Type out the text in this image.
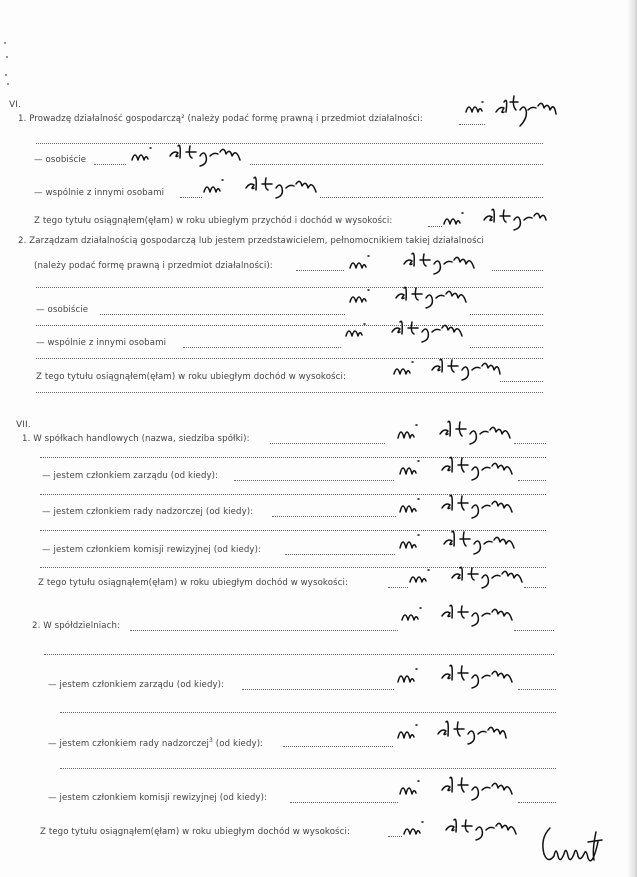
VI.
1. Prowadzę działalność gospodarczą² (należy podać formę prawną i przedmiot działalności:
— osobiście
— wspólnie z innymi osobami
Z tego tytułu osiągnąłem(ęłam) w roku ubiegłym przychód i dochód w wysokości:
2. Zarządzam działalnością gospodarczą lub jestem przedstawicielem, pełnomocnikiem takiej działalności
(należy podać formę prawną i przedmiot działalności):
— osobiście
— wspólnie z innymi osobami
Z tego tytułu osiągnąłem(ęłam) w roku ubiegłym dochód w wysokości:
VII.
1. W spółkach handlowych (nazwa, siedziba spółki):
— jestem członkiem zarządu (od kiedy):
— jestem członkiem rady nadzorczej (od kiedy):
— jestem członkiem komisji rewizyjnej (od kiedy):
Z tego tytułu osiągnąłem(ęłam) w roku ubiegłym dochód w wysokości:
2. W spółdzielniach:
— jestem członkiem zarządu (od kiedy):
— jestem członkiem rady nadzorczej$^3$ (od kiedy):
— jestem członkiem komisji rewizyjnej (od kiedy):
Z tego tytułu osiągnąłem(ęłam) w roku ubiegłym dochód w wysokości:
